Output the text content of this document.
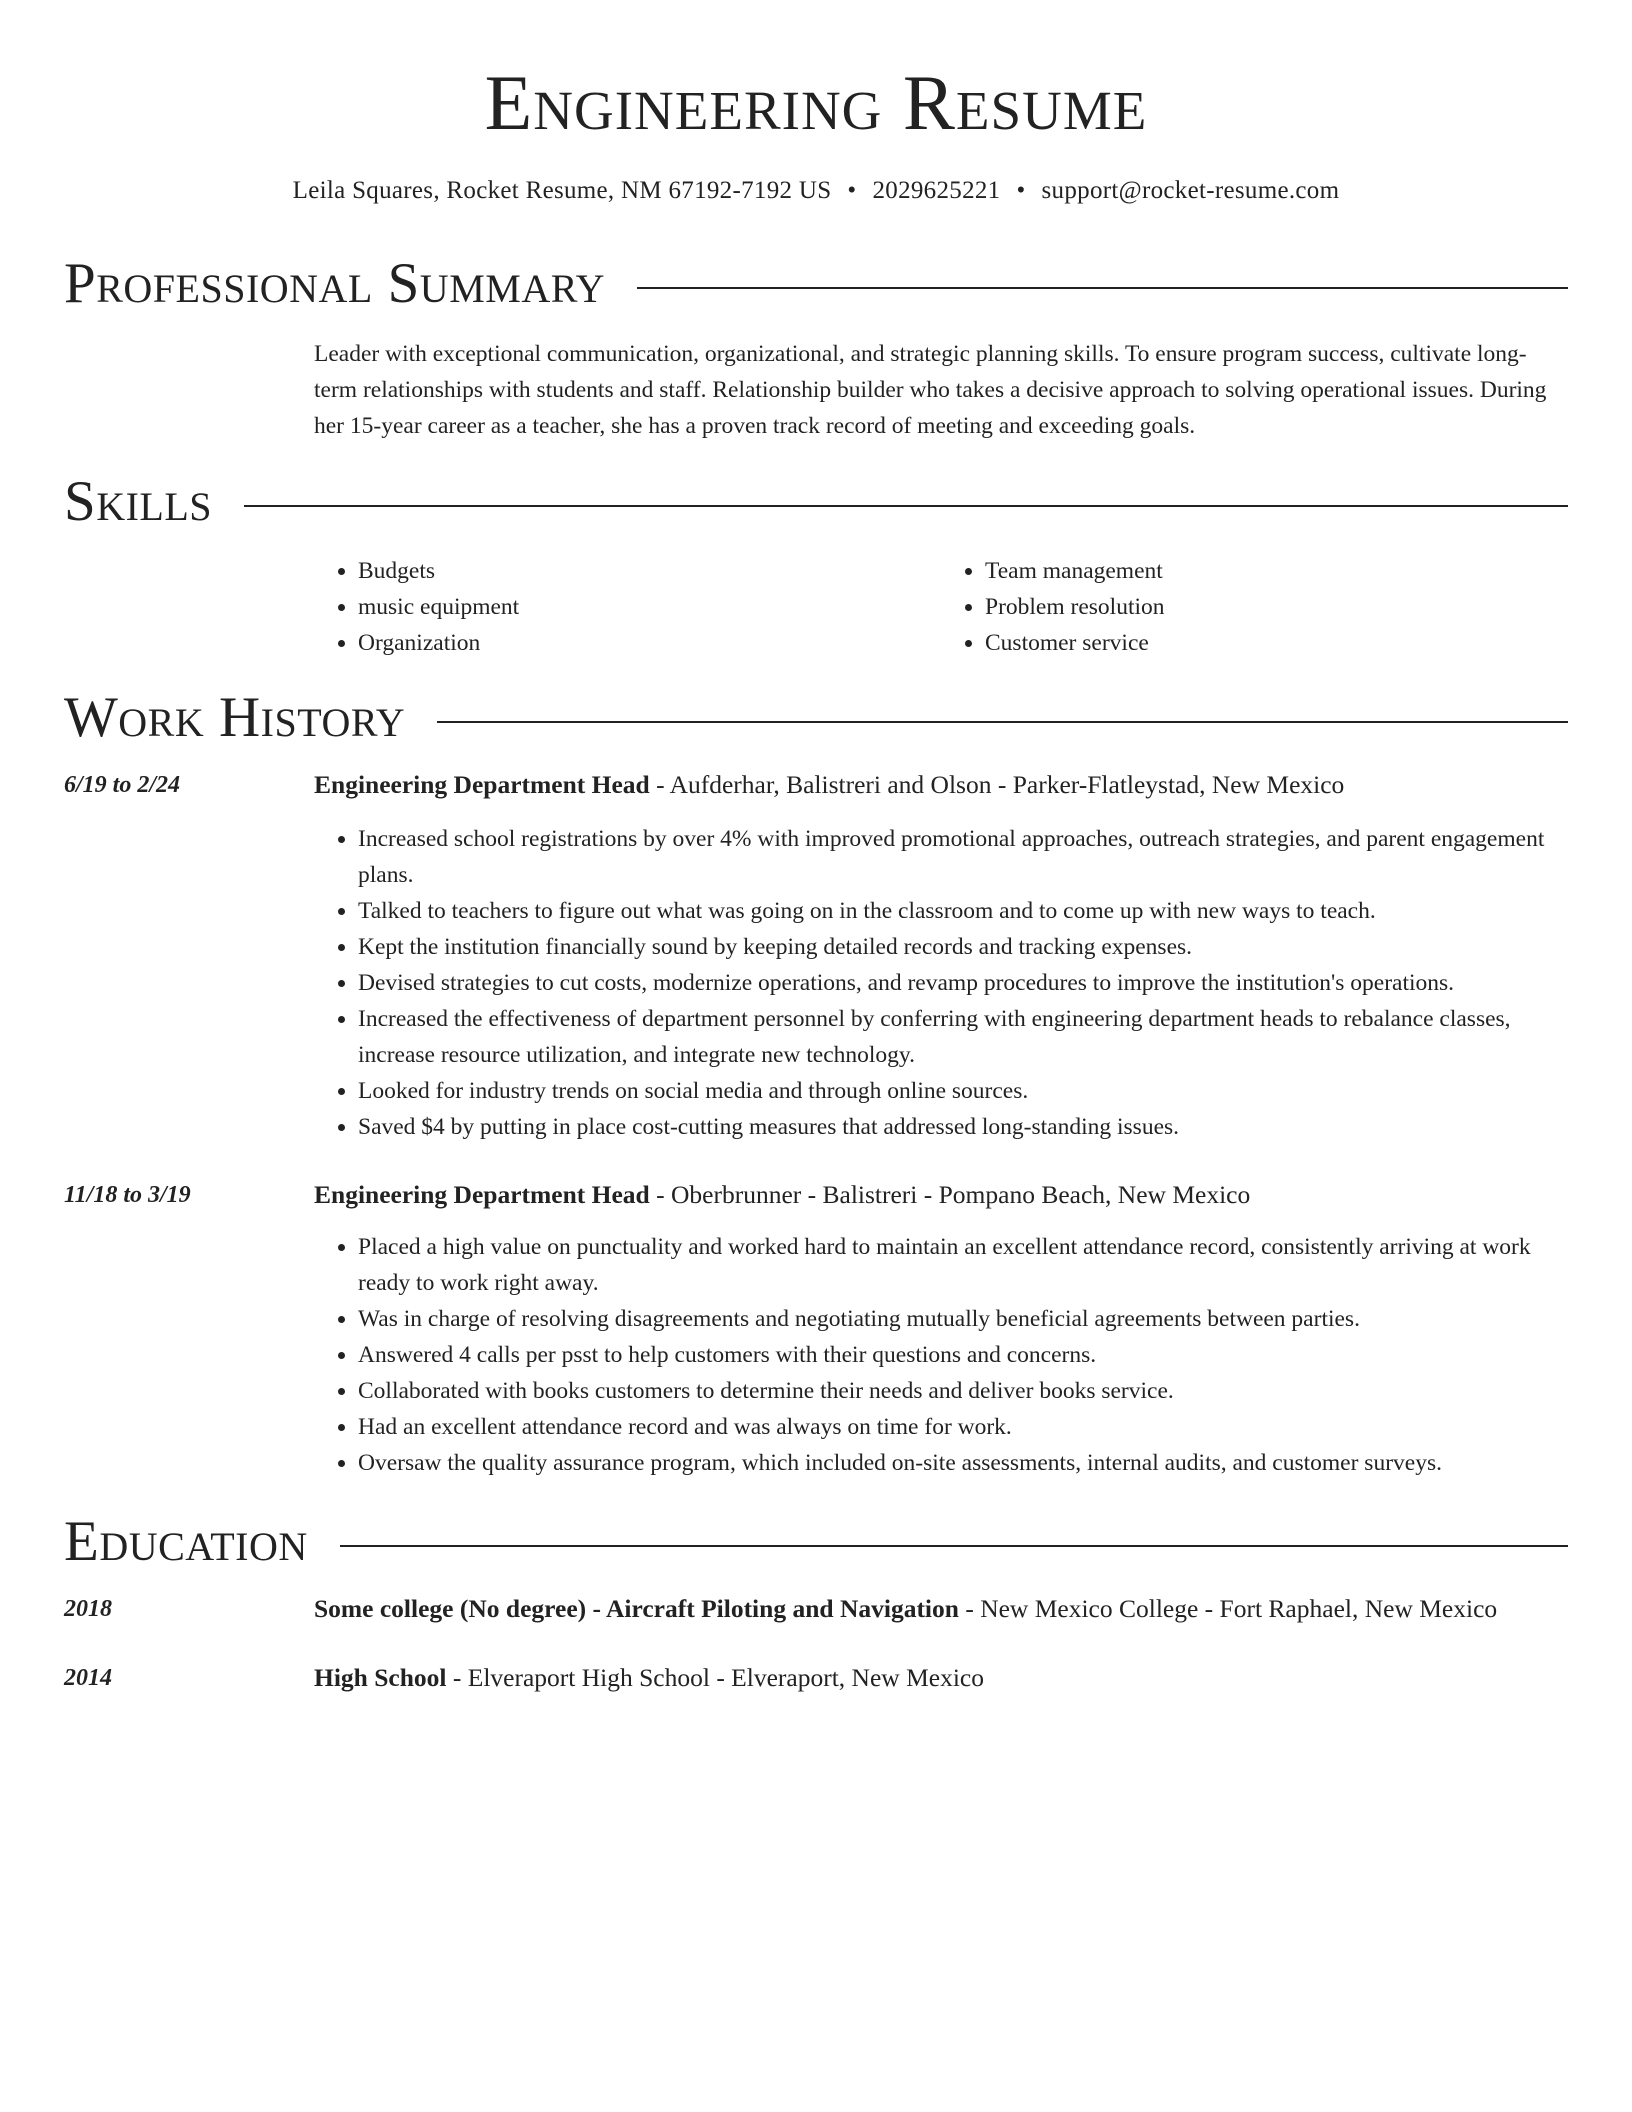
Engineering Resume
Leila Squares, Rocket Resume, NM 67192-7192 US • 2029625221 • support@rocket-resume.com
Professional Summary

Leader with exceptional communication, organizational, and strategic planning skills. To ensure program success, cultivate long-term relationships with students and staff. Relationship builder who takes a decisive approach to solving operational issues. During her 15-year career as a teacher, she has a proven track record of meeting and exceeding goals.

Skills
• Budgets
• music equipment
• Organization
• Team management
• Problem resolution
• Customer service
Work History
6/19 to 2/24	Engineering Department Head - Aufderhar, Balistreri and Olson - Parker-Flatleystad, New Mexico
• Increased school registrations by over 4% with improved promotional approaches, outreach strategies, and parent engagement plans.
• Talked to teachers to figure out what was going on in the classroom and to come up with new ways to teach.
• Kept the institution financially sound by keeping detailed records and tracking expenses.
• Devised strategies to cut costs, modernize operations, and revamp procedures to improve the institution's operations.
• Increased the effectiveness of department personnel by conferring with engineering department heads to rebalance classes, increase resource utilization, and integrate new technology.
• Looked for industry trends on social media and through online sources.
• Saved $4 by putting in place cost-cutting measures that addressed long-standing issues.
11/18 to 3/19	Engineering Department Head - Oberbrunner - Balistreri - Pompano Beach, New Mexico
• Placed a high value on punctuality and worked hard to maintain an excellent attendance record, consistently arriving at work ready to work right away.
• Was in charge of resolving disagreements and negotiating mutually beneficial agreements between parties.
• Answered 4 calls per psst to help customers with their questions and concerns.
• Collaborated with books customers to determine their needs and deliver books service.
• Had an excellent attendance record and was always on time for work.
• Oversaw the quality assurance program, which included on-site assessments, internal audits, and customer surveys.
Education
2018	Some college (No degree) - Aircraft Piloting and Navigation - New Mexico College - Fort Raphael, New Mexico
2014	High School - Elveraport High School - Elveraport, New Mexico
